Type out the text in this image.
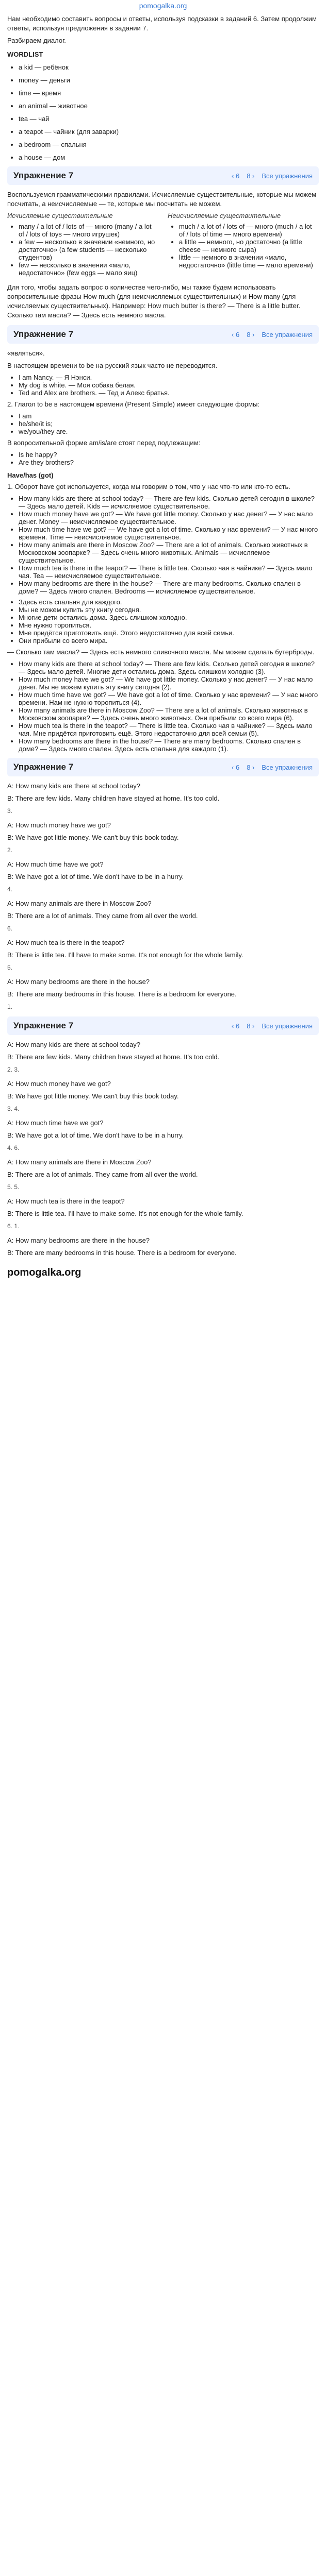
pomogalka.org

Нам необходимо составить вопросы и ответы, используя подсказки в заданий 6. Затем продолжим ответы, используя предложения в задании 7.

Разбираем диалог.

WORDLIST
• a kid — ребёнок
• money — деньги
• time — время
• an animal — животное
• tea — чай
• a teapot — чайник (для заварки)
• a bedroom — спальня
• a house — дом
Упражнение 7	‹ 6 8 › Все упражнения

Воспользуемся грамматическими правилами. Исчисляемые существительные, которые мы можем посчитать, а неисчисляемые — те, которые мы посчитать не можем.

Исчисляемые существительные
• many / a lot of / lots of — много (many / a lot of / lots of toys — много игрушек)
• a few — несколько в значении «немного, но достаточно» (a few students — несколько студентов)
• few — несколько в значении «мало, недостаточно» (few eggs — мало яиц)
Неисчисляемые существительные
• much / a lot of / lots of — много (much / a lot of / lots of time — много времени)
• a little — немного, но достаточно (a little cheese — немного сыра)
• little — немного в значении «мало, недостаточно» (little time — мало времени)

Для того, чтобы задать вопрос о количестве чего-либо, мы также будем использовать вопросительные фразы How much (для неисчисляемых существительных) и How many (для исчисляемых существительных). Например: How much butter is there? — There is a little butter. Сколько там масла? — Здесь есть немного масла.

Упражнение 7	‹ 6 8 › Все упражнения

«являться».

В настоящем времени to be на русский язык часто не переводится.

• I am Nancy. — Я Нэнси.
• My dog is white. — Моя собака белая.
• Ted and Alex are brothers. — Тед и Алекс братья.

2. Глагол to be в настоящем времени (Present Simple) имеет следующие формы:

• I am
• he/she/it is;
• we/you/they are.

В вопросительной форме am/is/are стоят перед подлежащим:

• Is he happy?
• Are they brothers?
Have/has (got)

1. Оборот have got используется, когда мы говорим о том, что у нас что-то или кто-то есть.

• How many kids are there at school today? — There are few kids. Сколько детей сегодня в школе? — Здесь мало детей. Kids — исчисляемое существительное.
• How much money have we got? — We have got little money. Сколько у нас денег? — У нас мало денег. Money — неисчисляемое существительное.
• How much time have we got? — We have got a lot of time. Сколько у нас времени? — У нас много времени. Time — неисчисляемое существительное.
• How many animals are there in Moscow Zoo? — There are a lot of animals. Сколько животных в Московском зоопарке? — Здесь очень много животных. Animals — исчисляемое существительное.
• How much tea is there in the teapot? — There is little tea. Сколько чая в чайнике? — Здесь мало чая. Tea — неисчисляемое существительное.
• How many bedrooms are there in the house? — There are many bedrooms. Сколько спален в доме? — Здесь много спален. Bedrooms — исчисляемое существительное.
• Здесь есть спальня для каждого.
• Мы не можем купить эту книгу сегодня.
• Многие дети остались дома. Здесь слишком холодно.
• Мне нужно торопиться.
• Мне придётся приготовить ещё. Этого недостаточно для всей семьи.
• Они прибыли со всего мира.

— Сколько там масла? — Здесь есть немного сливочного масла. Мы можем сделать бутерброды.

• How many kids are there at school today? — There are few kids. Сколько детей сегодня в школе? — Здесь мало детей. Многие дети остались дома. Здесь слишком холодно (3).
• How much money have we got? — We have got little money. Сколько у нас денег? — У нас мало денег. Мы не можем купить эту книгу сегодня (2).
• How much time have we got? — We have got a lot of time. Сколько у нас времени? — У нас много времени. Нам не нужно торопиться (4).
• How many animals are there in Moscow Zoo? — There are a lot of animals. Сколько животных в Московском зоопарке? — Здесь очень много животных. Они прибыли со всего мира (6).
• How much tea is there in the teapot? — There is little tea. Сколько чая в чайнике? — Здесь мало чая. Мне придётся приготовить ещё. Этого недостаточно для всей семьи (5).
• How many bedrooms are there in the house? — There are many bedrooms. Сколько спален в доме? — Здесь много спален. Здесь есть спальня для каждого (1).
Упражнение 7	‹ 6 8 › Все упражнения

A: How many kids are there at school today?

B: There are few kids. Many children have stayed at home. It's too cold.

3.

A: How much money have we got?

B: We have got little money. We can't buy this book today.

2.

A: How much time have we got?

B: We have got a lot of time. We don't have to be in a hurry.

4.

A: How many animals are there in Moscow Zoo?

B: There are a lot of animals. They came from all over the world.

6.

A: How much tea is there in the teapot?

B: There is little tea. I'll have to make some. It's not enough for the whole family.

5.

A: How many bedrooms are there in the house?

B: There are many bedrooms in this house. There is a bedroom for everyone.

1.

Упражнение 7	‹ 6 8 › Все упражнения

A: How many kids are there at school today?

B: There are few kids. Many children have stayed at home. It's too cold.

2. 3.

A: How much money have we got?

B: We have got little money. We can't buy this book today.

3. 4.

A: How much time have we got?

B: We have got a lot of time. We don't have to be in a hurry.

4. 6.

A: How many animals are there in Moscow Zoo?

B: There are a lot of animals. They came from all over the world.

5. 5.

A: How much tea is there in the teapot?

B: There is little tea. I'll have to make some. It's not enough for the whole family.

6. 1.

A: How many bedrooms are there in the house?

B: There are many bedrooms in this house. There is a bedroom for everyone.

pomogalka.org
